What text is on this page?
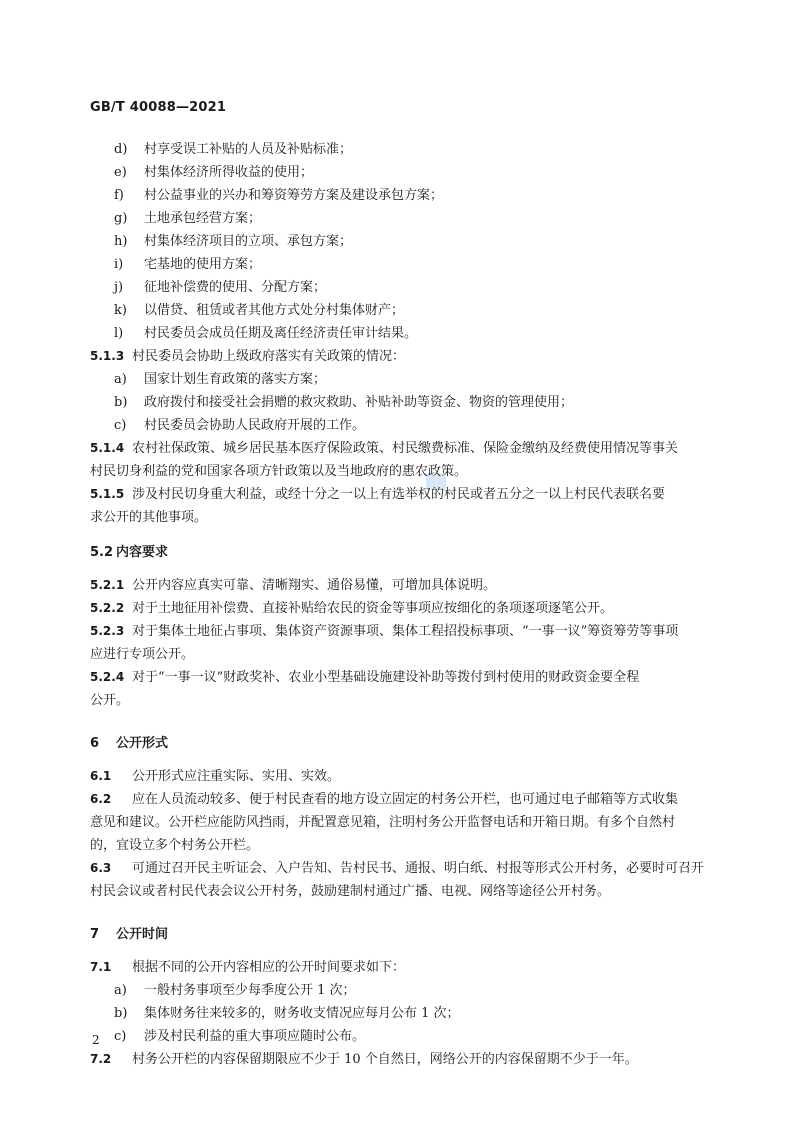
GB/T 40088—2021
d) 村享受误工补贴的人员及补贴标准；
e) 村集体经济所得收益的使用；
f) 村公益事业的兴办和筹资筹劳方案及建设承包方案；
g) 土地承包经营方案；
h) 村集体经济项目的立项、承包方案；
i) 宅基地的使用方案；
j) 征地补偿费的使用、分配方案；
k) 以借贷、租赁或者其他方式处分村集体财产；
l) 村民委员会成员任期及离任经济责任审计结果。
5.1.3 村民委员会协助上级政府落实有关政策的情况：
a) 国家计划生育政策的落实方案；
b) 政府拨付和接受社会捐赠的救灾救助、补贴补助等资金、物资的管理使用；
c) 村民委员会协助人民政府开展的工作。
5.1.4 农村社保政策、城乡居民基本医疗保险政策、村民缴费标准、保险金缴纳及经费使用情况等事关
村民切身利益的党和国家各项方针政策以及当地政府的惠农政策。
5.1.5 涉及村民切身重大利益，或经十分之一以上有选举权的村民或者五分之一以上村民代表联名要
求公开的其他事项。
5.2 内容要求
5.2.1 公开内容应真实可靠、清晰翔实、通俗易懂，可增加具体说明。
5.2.2 对于土地征用补偿费、直接补贴给农民的资金等事项应按细化的条项逐项逐笔公开。
5.2.3 对于集体土地征占事项、集体资产资源事项、集体工程招投标事项、“一事一议”筹资筹劳等事项
应进行专项公开。
5.2.4 对于“一事一议”财政奖补、农业小型基础设施建设补助等拨付到村使用的财政资金要全程
公开。
6 公开形式
6.1 公开形式应注重实际、实用、实效。
6.2 应在人员流动较多、便于村民查看的地方设立固定的村务公开栏，也可通过电子邮箱等方式收集
意见和建议。公开栏应能防风挡雨，并配置意见箱，注明村务公开监督电话和开箱日期。有多个自然村
的，宜设立多个村务公开栏。
6.3 可通过召开民主听证会、入户告知、告村民书、通报、明白纸、村报等形式公开村务，必要时可召开
村民会议或者村民代表会议公开村务，鼓励建制村通过广播、电视、网络等途径公开村务。
7 公开时间
7.1 根据不同的公开内容相应的公开时间要求如下：
a) 一般村务事项至少每季度公开 1 次；
b) 集体财务往来较多的，财务收支情况应每月公布 1 次；
c) 涉及村民利益的重大事项应随时公布。
7.2 村务公开栏的内容保留期限应不少于 10 个自然日，网络公开的内容保留期不少于一年。
2
